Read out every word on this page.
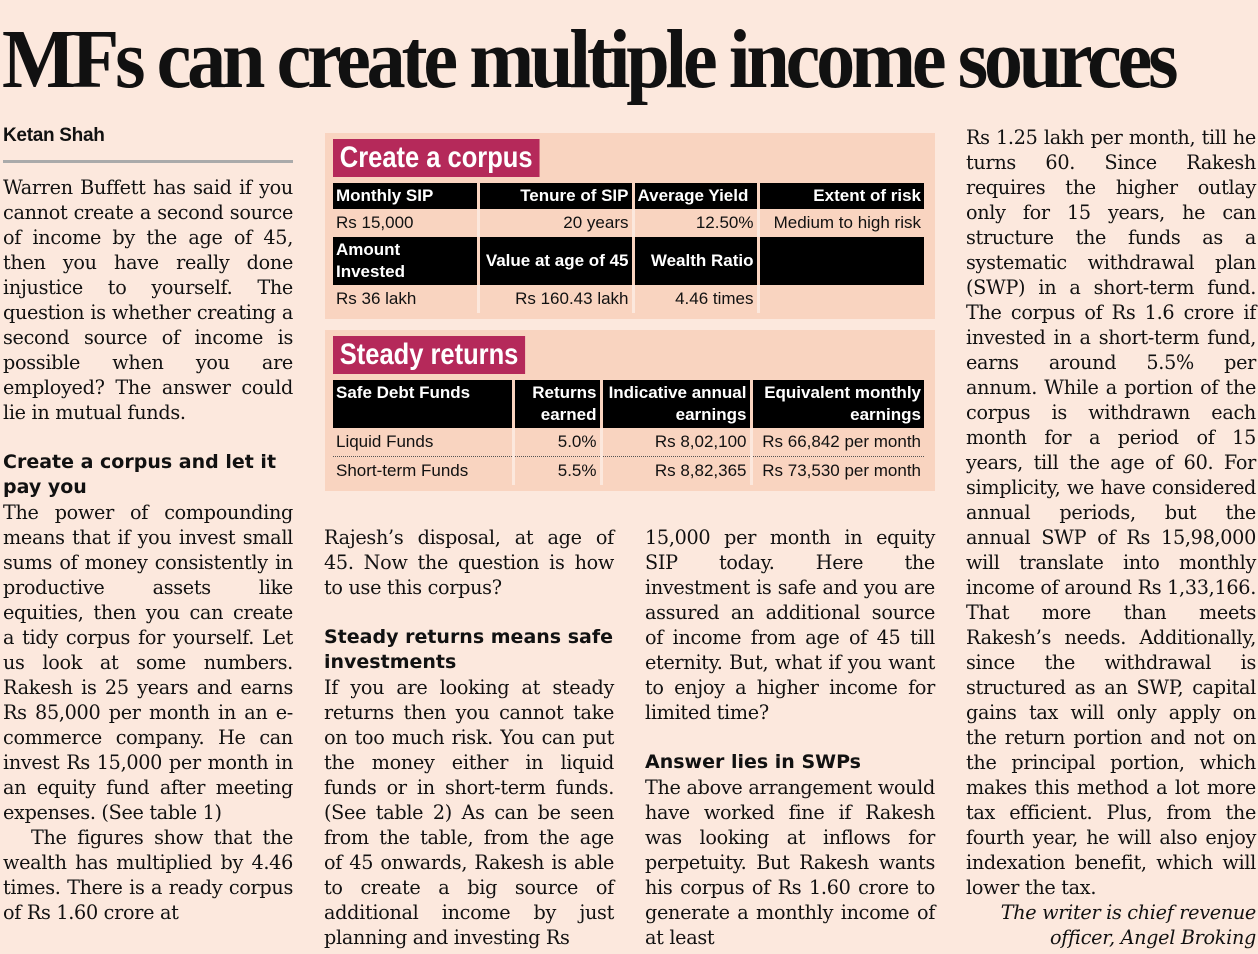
MFs can create multiple income sources

Ketan Shah

Warren Buffett has said if you cannot create a second source of income by the age of 45, then you have really done injustice to yourself. The question is whether creating a second source of income is possible when you are employed? The answer could lie in mutual funds.

Create a corpus and let it pay you

The power of compounding means that if you invest small sums of money consistently in productive assets like equities, then you can create a tidy corpus for yourself. Let us look at some numbers. Rakesh is 25 years and earns Rs 85,000 per month in an e-commerce company. He can invest Rs 15,000 per month in an equity fund after meeting expenses. (See table 1)

The figures show that the wealth has multiplied by 4.46 times. There is a ready corpus of Rs 1.60 crore at

Create a corpus
Monthly SIP	Tenure of SIP	Average Yield	Extent of risk
Rs 15,000	20 years	12.50%	Medium to high risk
Amount Invested	Value at age of 45	Wealth Ratio	
Rs 36 lakh	Rs 160.43 lakh	4.46 times	
Steady returns
Safe Debt Funds	Returns earned	Indicative annual earnings	Equivalent monthly earnings
Liquid Funds	5.0%	Rs 8,02,100	Rs 66,842 per month
Short-term Funds	5.5%	Rs 8,82,365	Rs 73,530 per month

Rajesh’s disposal, at age of 45. Now the question is how to use this corpus?

Steady returns means safe investments

If you are looking at steady returns then you cannot take on too much risk. You can put the money either in liquid funds or in short-term funds. (See table 2) As can be seen from the table, from the age of 45 onwards, Rakesh is able to create a big source of additional income by just planning and investing Rs

15,000 per month in equity SIP today. Here the investment is safe and you are assured an additional source of income from age of 45 till eternity. But, what if you want to enjoy a higher income for limited time?

Answer lies in SWPs

The above arrangement would have worked fine if Rakesh was looking at inflows for perpetuity. But Rakesh wants his corpus of Rs 1.60 crore to generate a monthly income of at least

Rs 1.25 lakh per month, till he turns 60. Since Rakesh requires the higher outlay only for 15 years, he can structure the funds as a systematic withdrawal plan (SWP) in a short-term fund. The corpus of Rs 1.6 crore if invested in a short-term fund, earns around 5.5% per annum. While a portion of the corpus is withdrawn each month for a period of 15 years, till the age of 60. For simplicity, we have considered annual periods, but the annual SWP of Rs 15,98,000 will translate into monthly income of around Rs 1,33,166. That more than meets Rakesh’s needs. Additionally, since the withdrawal is structured as an SWP, capital gains tax will only apply on the return portion and not on the principal portion, which makes this method a lot more tax efficient. Plus, from the fourth year, he will also enjoy indexation benefit, which will lower the tax.

The writer is chief revenue officer, Angel Broking
